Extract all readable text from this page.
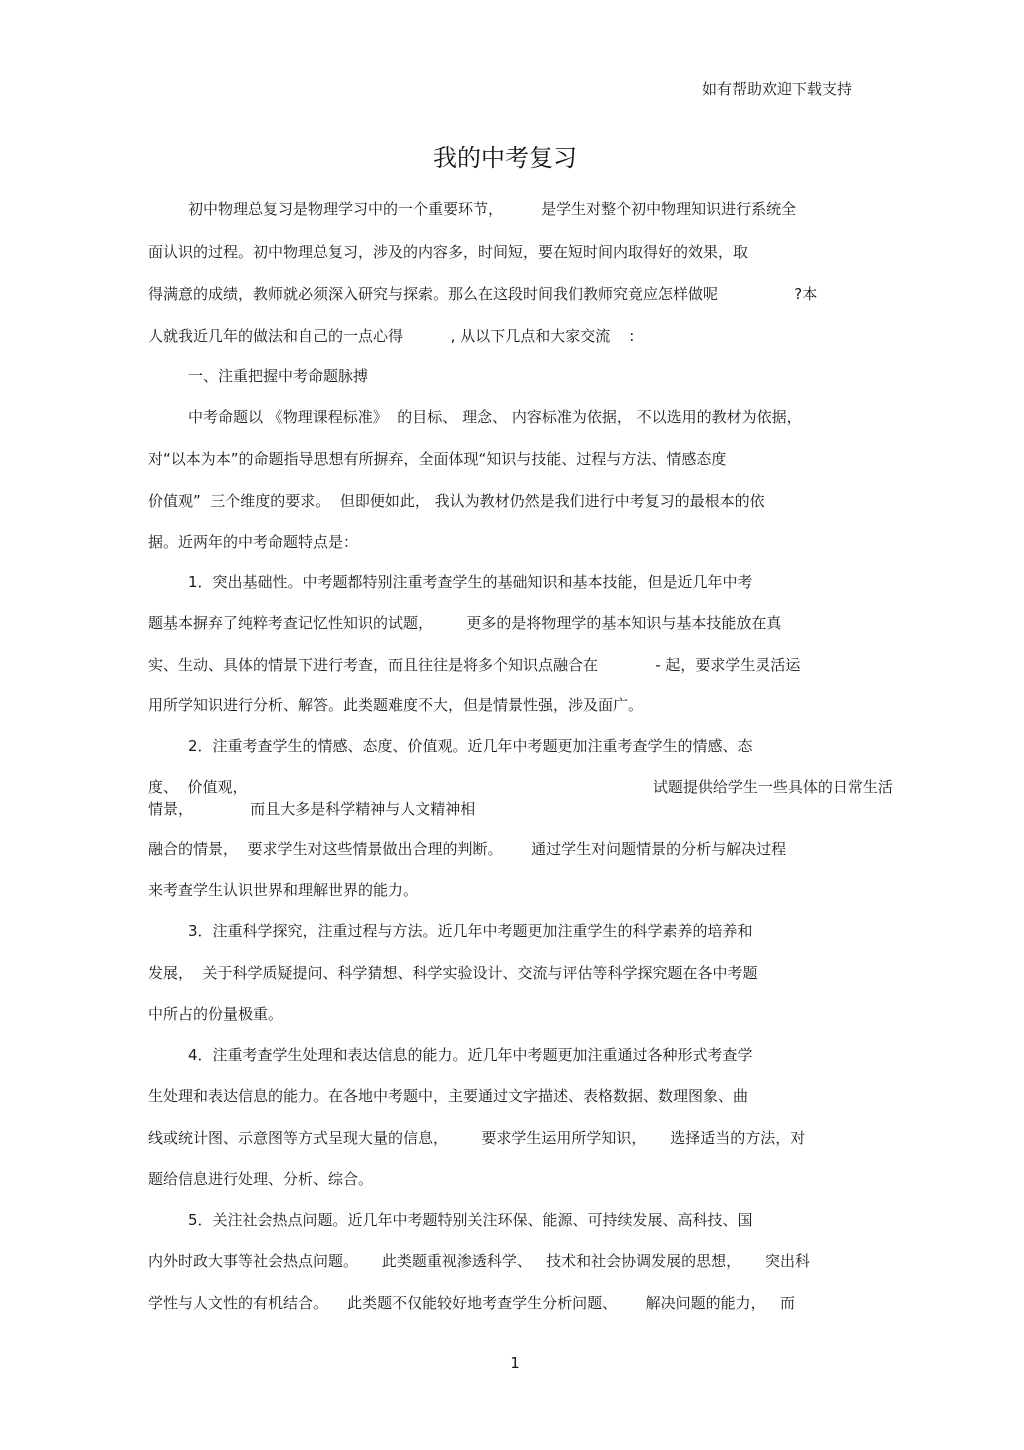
如有帮助欢迎下载支持
我的中考复习
初中物理总复习是物理学习中的一个重要环节，        是学生对整个初中物理知识进行系统全
面认识的过程。初中物理总复习，涉及的内容多，时间短，要在短时间内取得好的效果，取
得满意的成绩，教师就必须深入研究与探索。那么在这段时间我们教师究竟应怎样做呢                ?本
人就我近几年的做法和自己的一点心得          , 从以下几点和大家交流    :
一、注重把握中考命题脉搏
中考命题以 《物理课程标准》  的目标、 理念、 内容标准为依据， 不以选用的教材为依据，
对“以本为本”的命题指导思想有所摒弃，全面体现“知识与技能、过程与方法、情感态度
价值观”  三个维度的要求。  但即便如此， 我认为教材仍然是我们进行中考复习的最根本的依
据。近两年的中考命题特点是：
1．突出基础性。中考题都特别注重考查学生的基础知识和基本技能，但是近几年中考
题基本摒弃了纯粹考查记忆性知识的试题，       更多的是将物理学的基本知识与基本技能放在真
实、生动、具体的情景下进行考查，而且往往是将多个知识点融合在            - 起，要求学生灵活运
用所学知识进行分析、解答。此类题难度不大，但是情景性强，涉及面广。
2．注重考查学生的情感、态度、价值观。近几年中考题更加注重考查学生的情感、态
度、  价值观，                                                                                     试题提供给学生一些具体的日常生活
情景，            而且大多是科学精神与人文精神相
融合的情景，  要求学生对这些情景做出合理的判断。      通过学生对问题情景的分析与解决过程
来考查学生认识世界和理解世界的能力。
3．注重科学探究，注重过程与方法。近几年中考题更加注重学生的科学素养的培养和
发展，  关于科学质疑提问、科学猜想、科学实验设计、交流与评估等科学探究题在各中考题
中所占的份量极重。
4．注重考查学生处理和表达信息的能力。近几年中考题更加注重通过各种形式考查学
生处理和表达信息的能力。在各地中考题中，主要通过文字描述、表格数据、数理图象、曲
线或统计图、示意图等方式呈现大量的信息，       要求学生运用所学知识，     选择适当的方法，对
题给信息进行处理、分析、综合。
5．关注社会热点问题。近几年中考题特别关注环保、能源、可持续发展、高科技、国
内外时政大事等社会热点问题。     此类题重视渗透科学、   技术和社会协调发展的思想，     突出科
学性与人文性的有机结合。    此类题不仅能较好地考查学生分析问题、      解决问题的能力，   而
1
